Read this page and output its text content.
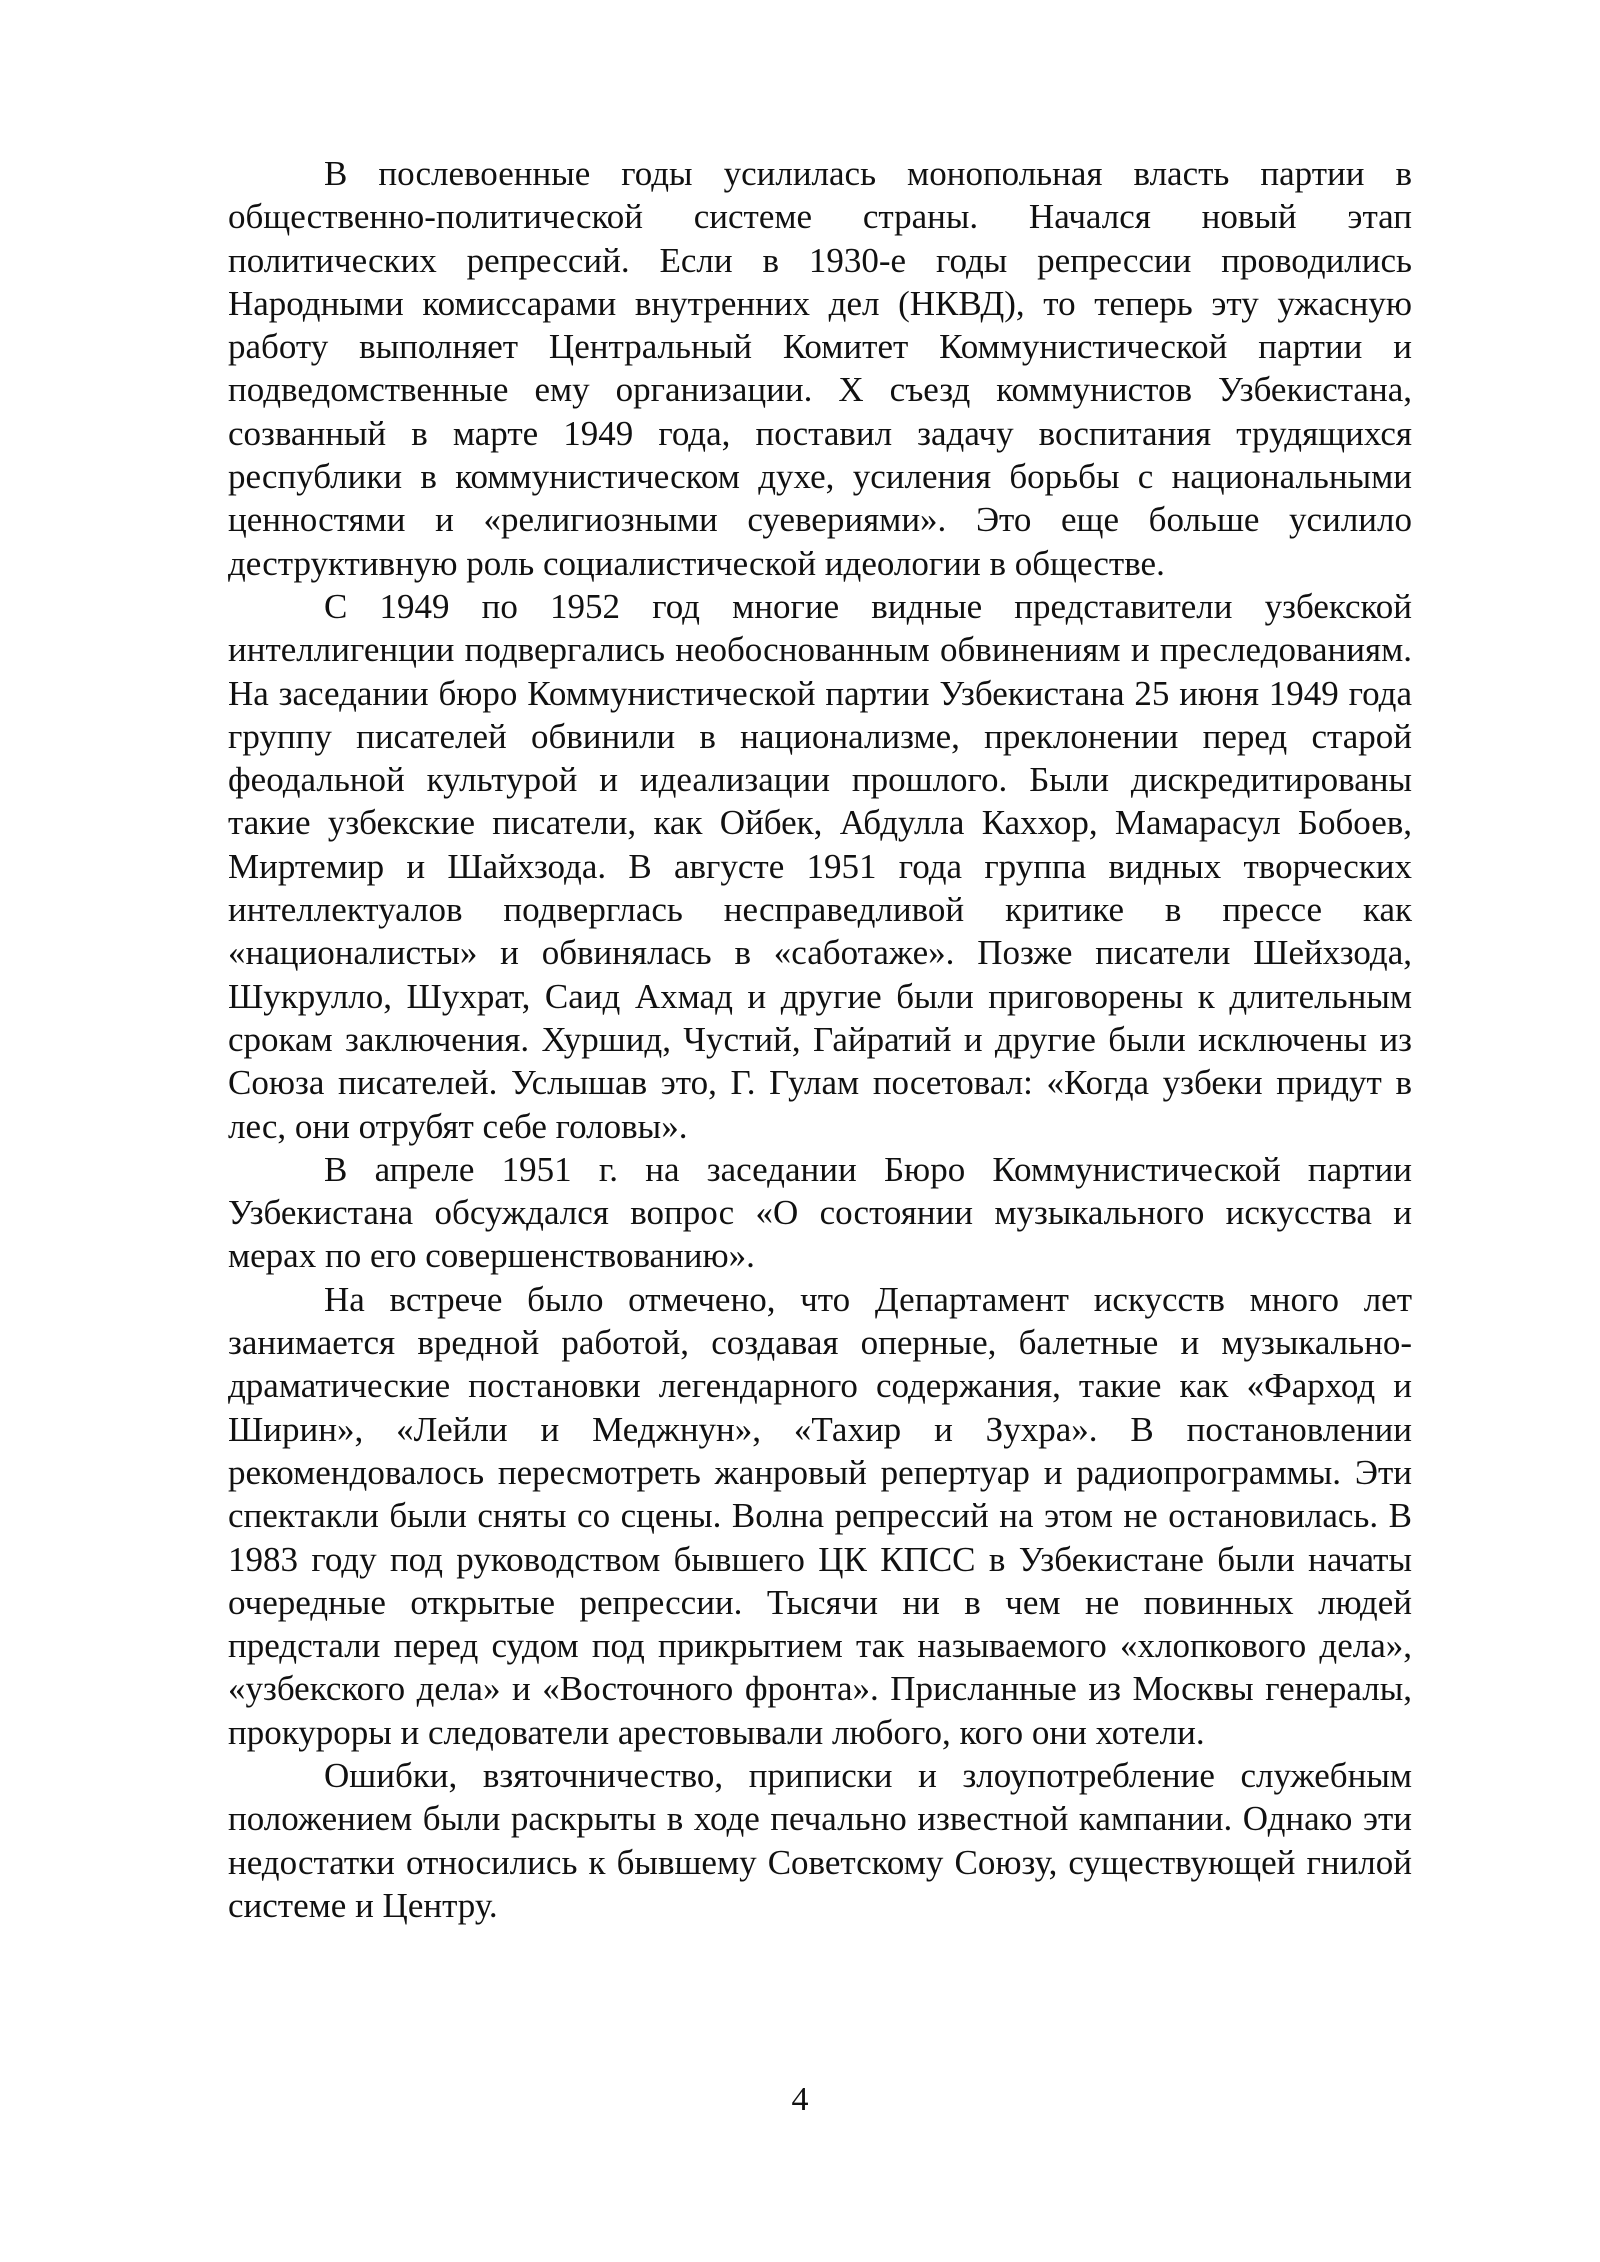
В послевоенные годы усилилась монопольная власть партии в общественно-политической системе страны. Начался новый этап политических репрессий. Если в 1930-е годы репрессии проводились Народными комиссарами внутренних дел (НКВД), то теперь эту ужасную работу выполняет Центральный Комитет Коммунистической партии и подведомственные ему организации. X съезд коммунистов Узбекистана, созванный в марте 1949 года, поставил задачу воспитания трудящихся республики в коммунистическом духе, усиления борьбы с национальными ценностями и «религиозными суевериями». Это еще больше усилило деструктивную роль социалистической идеологии в обществе.

С 1949 по 1952 год многие видные представители узбекской интеллигенции подвергались необоснованным обвинениям и преследованиям. На заседании бюро Коммунистической партии Узбекистана 25 июня 1949 года группу писателей обвинили в национализме, преклонении перед старой феодальной культурой и идеализации прошлого. Были дискредитированы такие узбекские писатели, как Ойбек, Абдулла Каххор, Мамарасул Бобоев, Миртемир и Шайхзода. В августе 1951 года группа видных творческих интеллектуалов подверглась несправедливой критике в прессе как «националисты» и обвинялась в «саботаже». Позже писатели Шейхзода, Шукрулло, Шухрат, Саид Ахмад и другие были приговорены к длительным срокам заключения. Хуршид, Чустий, Гайратий и другие были исключены из Союза писателей. Услышав это, Г. Гулам посетовал: «Когда узбеки придут в лес, они отрубят себе головы».

В апреле 1951 г. на заседании Бюро Коммунистической партии Узбекистана обсуждался вопрос «О состоянии музыкального искусства и мерах по его совершенствованию».

На встрече было отмечено, что Департамент искусств много лет занимается вредной работой, создавая оперные, балетные и музыкально-драматические постановки легендарного содержания, такие как «Фарход и Ширин», «Лейли и Меджнун», «Тахир и Зухра». В постановлении рекомендовалось пересмотреть жанровый репертуар и радиопрограммы. Эти спектакли были сняты со сцены. Волна репрессий на этом не остановилась. В 1983 году под руководством бывшего ЦК КПСС в Узбекистане были начаты очередные открытые репрессии. Тысячи ни в чем не повинных людей предстали перед судом под прикрытием так называемого «хлопкового дела», «узбекского дела» и «Восточного фронта». Присланные из Москвы генералы, прокуроры и следователи арестовывали любого, кого они хотели.

Ошибки, взяточничество, приписки и злоупотребление служебным положением были раскрыты в ходе печально известной кампании. Однако эти недостатки относились к бывшему Советскому Союзу, существующей гнилой системе и Центру.

4
